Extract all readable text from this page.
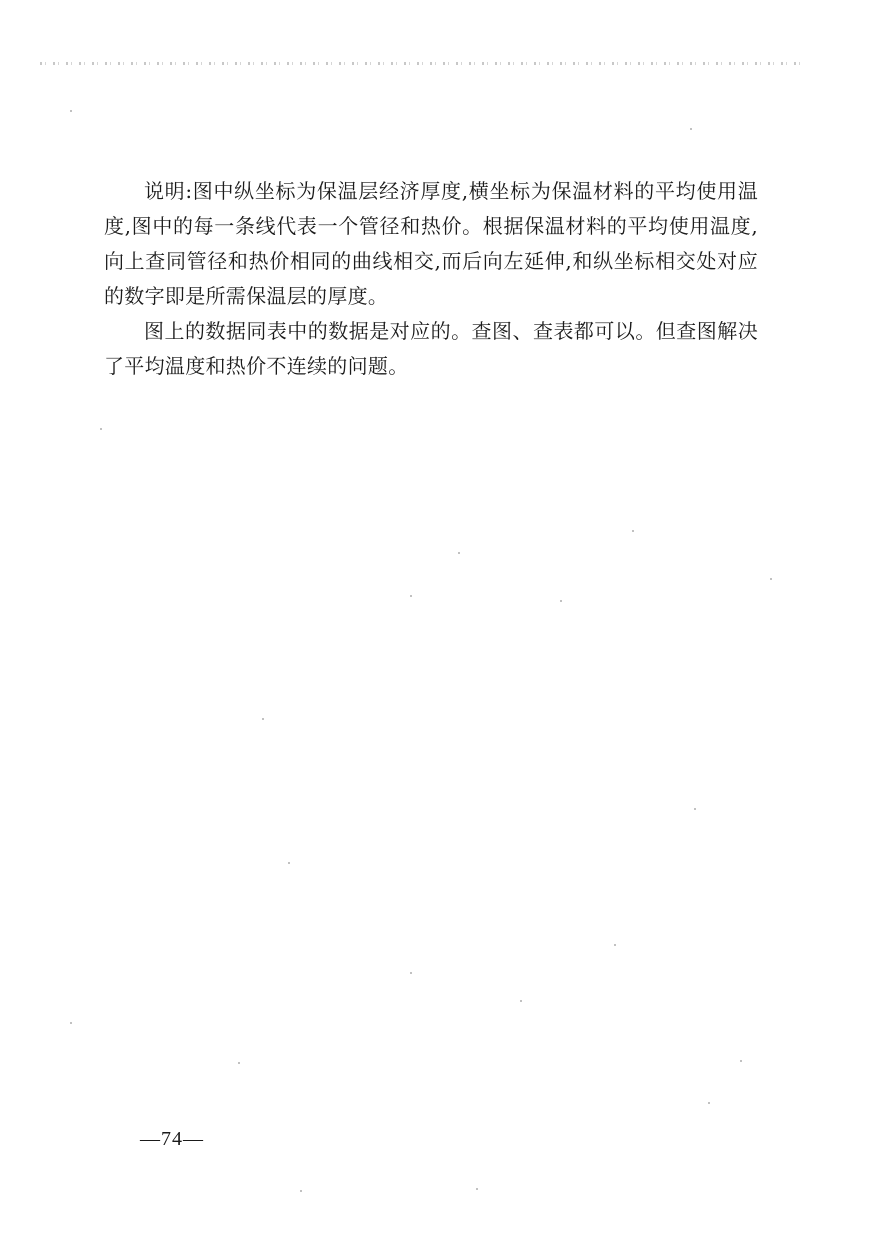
说明:图中纵坐标为保温层经济厚度,横坐标为保温材料的平均使用温度,图中的每一条线代表一个管径和热价。根据保温材料的平均使用温度,向上查同管径和热价相同的曲线相交,而后向左延伸,和纵坐标相交处对应的数字即是所需保温层的厚度。

图上的数据同表中的数据是对应的。查图、查表都可以。但查图解决了平均温度和热价不连续的问题。

—74—
